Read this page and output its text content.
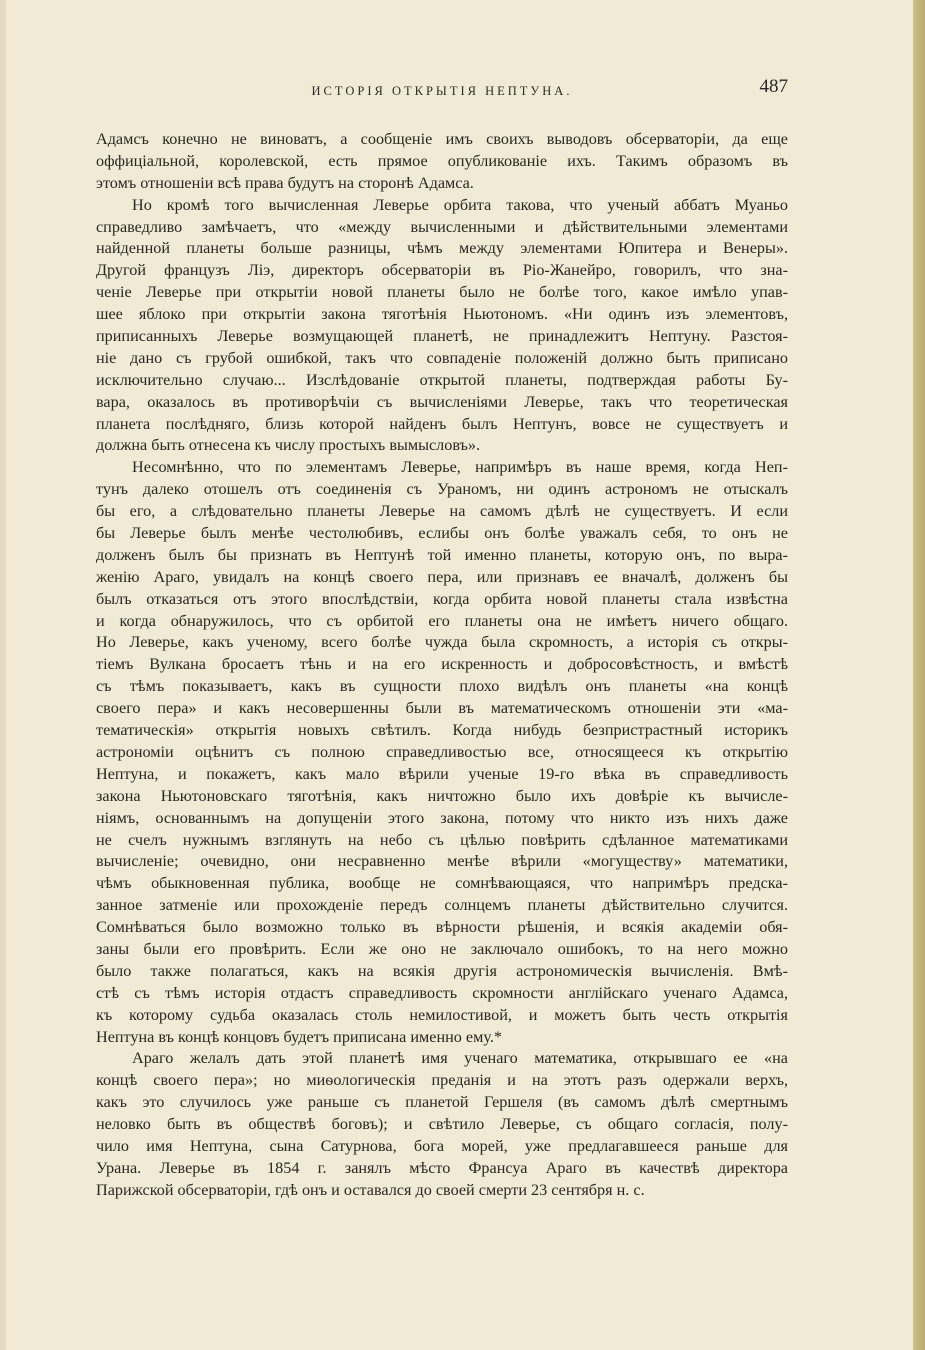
ИСТОРІЯ ОТКРЫТІЯ НЕПТУНА.	487
Адамсъ конечно не виноватъ, а сообщеніе имъ своихъ выводовъ обсерваторіи, да еще
оффиціальной, королевской, есть прямое опубликованіе ихъ. Такимъ образомъ въ
этомъ отношеніи всѣ права будутъ на сторонѣ Адамса.
Но кромѣ того вычисленная Леверье орбита такова, что ученый аббатъ Муаньо
справедливо замѣчаетъ, что «между вычисленными и дѣйствительными элементами
найденной планеты больше разницы, чѣмъ между элементами Юпитера и Венеры».
Другой французъ Ліэ, директоръ обсерваторіи въ Ріо-Жанейро, говорилъ, что зна-
ченіе Леверье при открытіи новой планеты было не болѣе того, какое имѣло упав-
шее яблоко при открытіи закона тяготѣнія Ньютономъ. «Ни одинъ изъ элементовъ,
приписанныхъ Леверье возмущающей планетѣ, не принадлежитъ Нептуну. Разстоя-
ніе дано съ грубой ошибкой, такъ что совпаденіе положеній должно быть приписано
исключительно случаю... Изслѣдованіе открытой планеты, подтверждая работы Бу-
вара, оказалось въ противорѣчіи съ вычисленіями Леверье, такъ что теоретическая
планета послѣдняго, близь которой найденъ былъ Нептунъ, вовсе не существуетъ и
должна быть отнесена къ числу простыхъ вымысловъ».
Несомнѣнно, что по элементамъ Леверье, напримѣръ въ наше время, когда Неп-
тунъ далеко отошелъ отъ соединенія съ Ураномъ, ни одинъ астрономъ не отыскалъ
бы его, а слѣдовательно планеты Леверье на самомъ дѣлѣ не существуетъ. И если
бы Леверье былъ менѣе честолюбивъ, еслибы онъ болѣе уважалъ себя, то онъ не
долженъ былъ бы признать въ Нептунѣ той именно планеты, которую онъ, по выра-
женію Араго, увидалъ на концѣ своего пера, или признавъ ее вначалѣ, долженъ бы
былъ отказаться отъ этого впослѣдствіи, когда орбита новой планеты стала извѣстна
и когда обнаружилось, что съ орбитой его планеты она не имѣетъ ничего общаго.
Но Леверье, какъ ученому, всего болѣе чужда была скромность, а исторія съ откры-
тіемъ Вулкана бросаетъ тѣнь и на его искренность и добросовѣстность, и вмѣстѣ
съ тѣмъ показываетъ, какъ въ сущности плохо видѣлъ онъ планеты «на концѣ
своего пера» и какъ несовершенны были въ математическомъ отношеніи эти «ма-
тематическія» открытія новыхъ свѣтилъ. Когда нибудь безпристрастный историкъ
астрономіи оцѣнитъ съ полною справедливостью все, относящееся къ открытію
Нептуна, и покажетъ, какъ мало вѣрили ученые 19-го вѣка въ справедливость
закона Ньютоновскаго тяготѣнія, какъ ничтожно было ихъ довѣріе къ вычисле-
ніямъ, основаннымъ на допущеніи этого закона, потому что никто изъ нихъ даже
не счелъ нужнымъ взглянуть на небо съ цѣлью повѣрить сдѣланное математиками
вычисленіе; очевидно, они несравненно менѣе вѣрили «могуществу» математики,
чѣмъ обыкновенная публика, вообще не сомнѣвающаяся, что напримѣръ предска-
занное затменіе или прохожденіе передъ солнцемъ планеты дѣйствительно случится.
Сомнѣваться было возможно только въ вѣрности рѣшенія, и всякія академіи обя-
заны были его провѣрить. Если же оно не заключало ошибокъ, то на него можно
было также полагаться, какъ на всякія другія астрономическія вычисленія. Вмѣ-
стѣ съ тѣмъ исторія отдастъ справедливость скромности англійскаго ученаго Адамса,
къ которому судьба оказалась столь немилостивой, и можетъ быть честь открытія
Нептуна въ концѣ концовъ будетъ приписана именно ему.*
Араго желалъ дать этой планетѣ имя ученаго математика, открывшаго ее «на
концѣ своего пера»; но миѳологическія преданія и на этотъ разъ одержали верхъ,
какъ это случилось уже раньше съ планетой Гершеля (въ самомъ дѣлѣ смертнымъ
неловко быть въ обществѣ боговъ); и свѣтило Леверье, съ общаго согласія, полу-
чило имя Нептуна, сына Сатурнова, бога морей, уже предлагавшееся раньше для
Урана. Леверье въ 1854 г. занялъ мѣсто Франсуа Араго въ качествѣ директора
Парижской обсерваторіи, гдѣ онъ и оставался до своей смерти 23 сентября н. с.
